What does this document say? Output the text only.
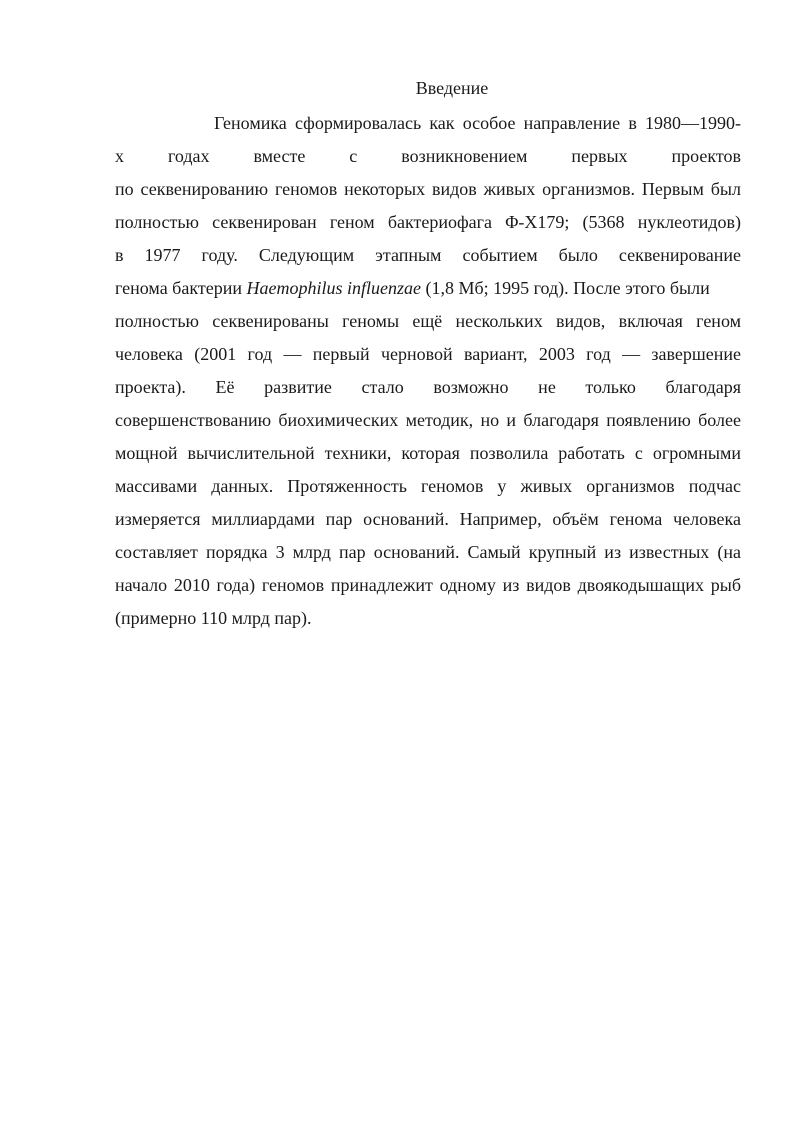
Введение

Геномика сформировалась как особое направление в 1980—1990-

х годах вместе с возникновением первых проектов

по секвенированию геномов некоторых видов живых организмов. Первым был

полностью секвенирован геном бактериофага Φ-X179; (5368 нуклеотидов)

в 1977 году. Следующим этапным событием было секвенирование

генома бактерии Haemophilus influenzae (1,8 Мб; 1995 год). После этого были

полностью секвенированы геномы ещё нескольких видов, включая геном

человека (2001 год — первый черновой вариант, 2003 год — завершение

проекта). Её развитие стало возможно не только благодаря

совершенствованию биохимических методик, но и благодаря появлению более

мощной вычислительной техники, которая позволила работать с огромными

массивами данных. Протяженность геномов у живых организмов подчас

измеряется миллиардами пар оснований. Например, объём генома человека

составляет порядка 3 млрд пар оснований. Самый крупный из известных (на

начало 2010 года) геномов принадлежит одному из видов двоякодышащих рыб

(примерно 110 млрд пар).
